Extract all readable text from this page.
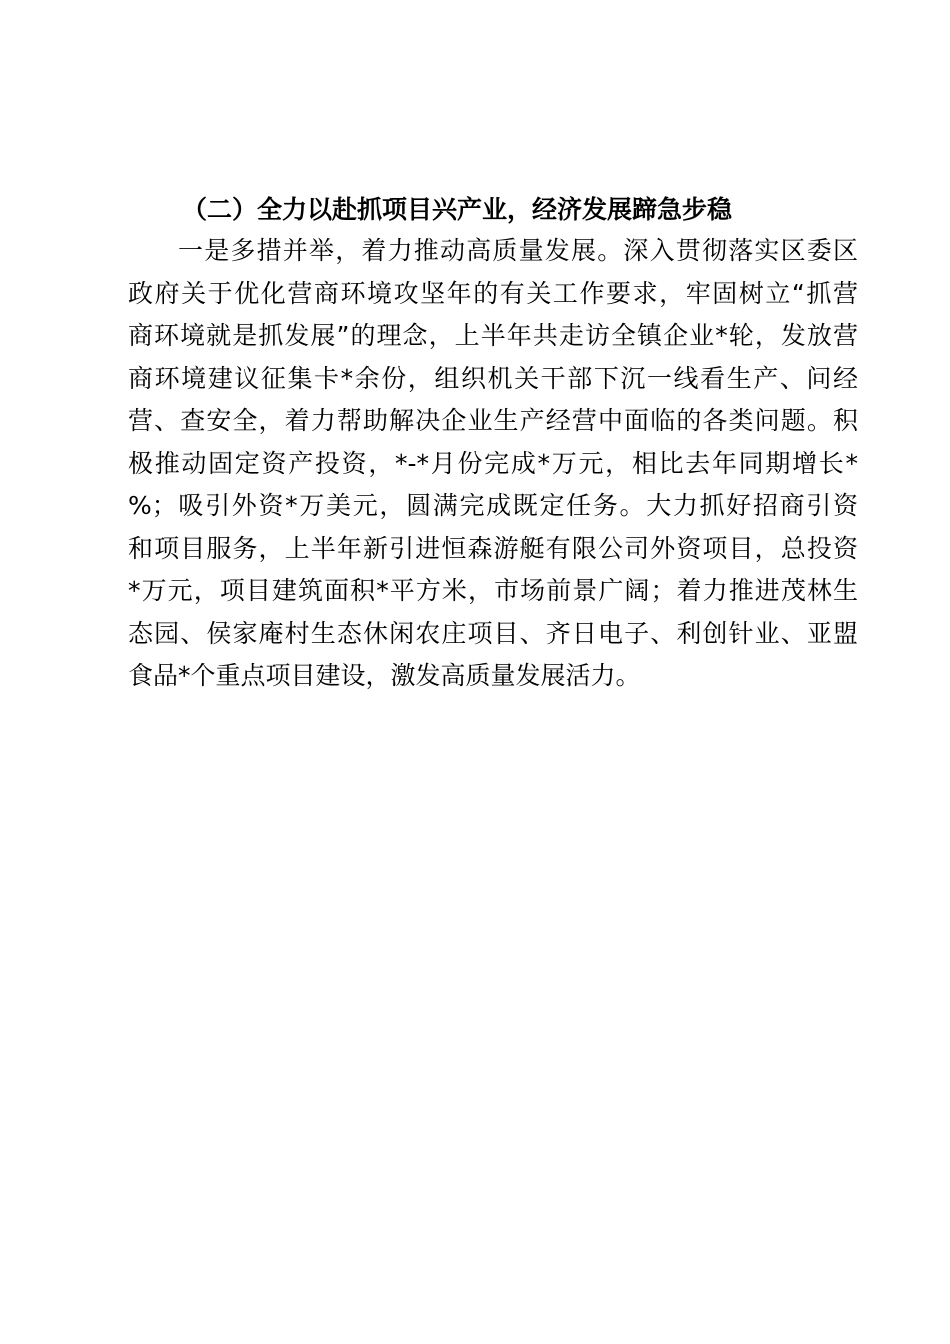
（二）全力以赴抓项目兴产业，经济发展蹄急步稳

一是多措并举，着力推动高质量发展。深入贯彻落实区委区
政府关于优化营商环境攻坚年的有关工作要求，牢固树立“抓营
商环境就是抓发展”的理念，上半年共走访全镇企业*轮，发放营
商环境建议征集卡*余份，组织机关干部下沉一线看生产、问经
营、查安全，着力帮助解决企业生产经营中面临的各类问题。积
极推动固定资产投资，*-*月份完成*万元，相比去年同期增长*
%；吸引外资*万美元，圆满完成既定任务。大力抓好招商引资
和项目服务，上半年新引进恒森游艇有限公司外资项目，总投资
*万元，项目建筑面积*平方米，市场前景广阔；着力推进茂林生
态园、侯家庵村生态休闲农庄项目、齐日电子、利创针业、亚盟
食品*个重点项目建设，激发高质量发展活力。
